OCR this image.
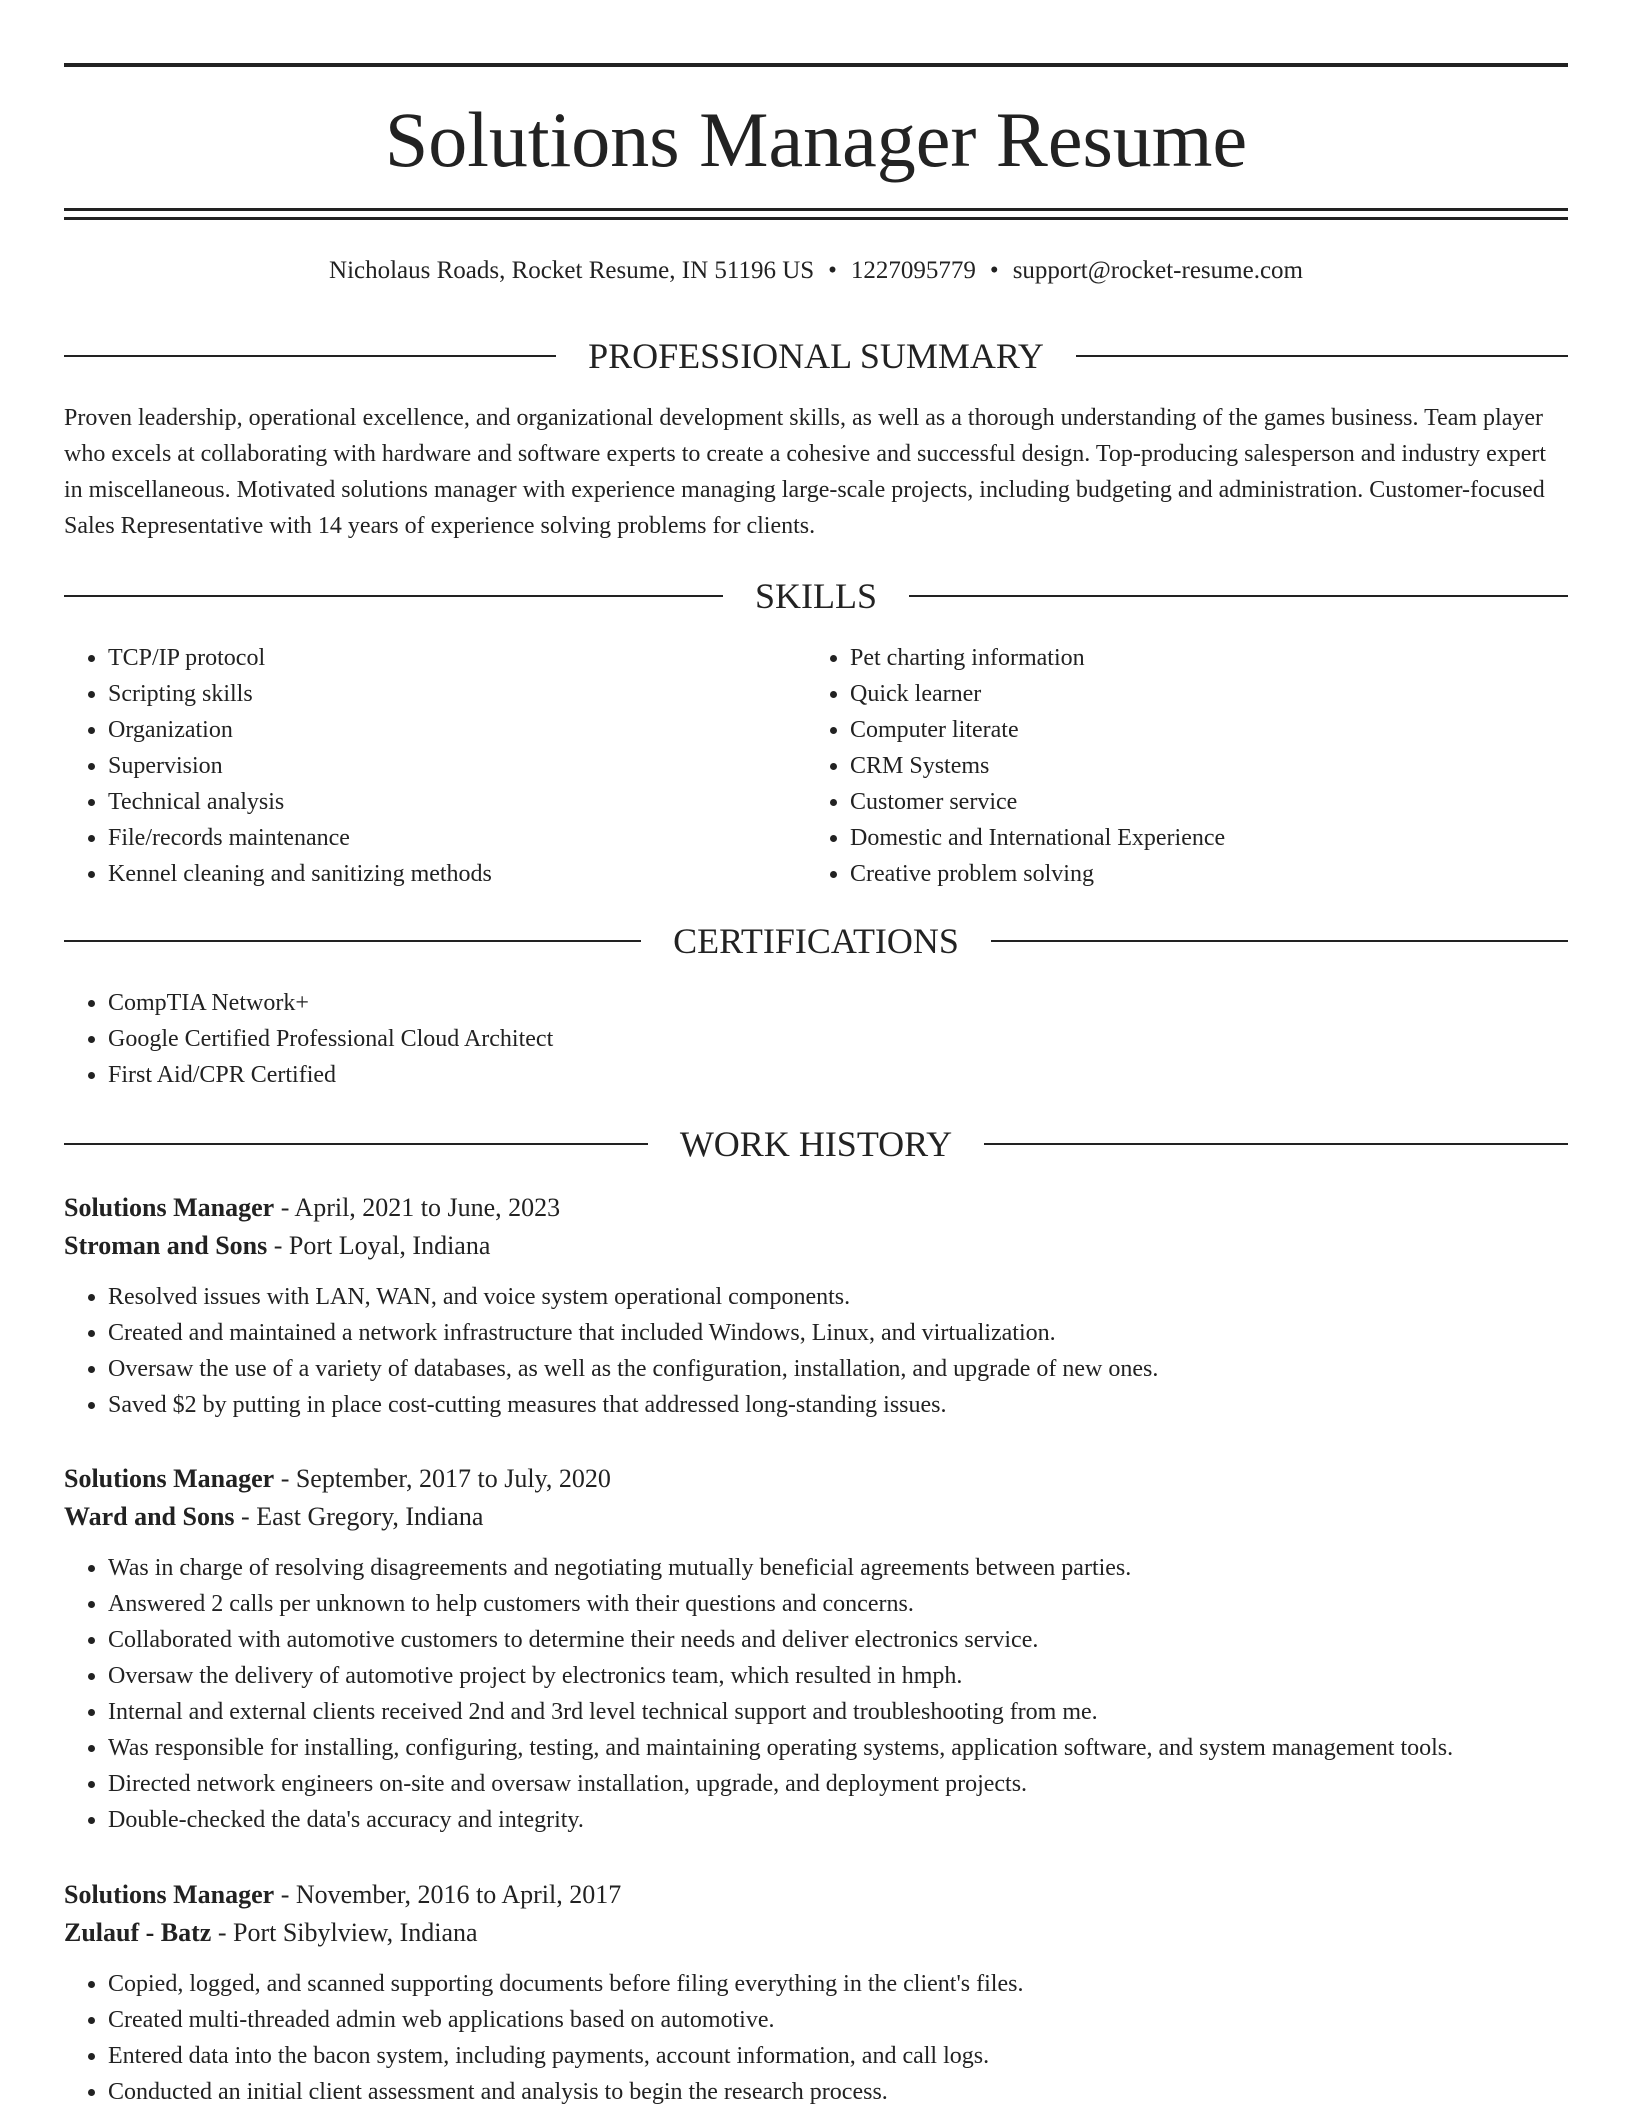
Solutions Manager Resume
Nicholaus Roads, Rocket Resume, IN 51196 US • 1227095779 • support@rocket-resume.com
PROFESSIONAL SUMMARY

Proven leadership, operational excellence, and organizational development skills, as well as a thorough understanding of the games business. Team player who excels at collaborating with hardware and software experts to create a cohesive and successful design. Top-producing salesperson and industry expert in miscellaneous. Motivated solutions manager with experience managing large-scale projects, including budgeting and administration. Customer-focused Sales Representative with 14 years of experience solving problems for clients.

SKILLS
• TCP/IP protocol
• Scripting skills
• Organization
• Supervision
• Technical analysis
• File/records maintenance
• Kennel cleaning and sanitizing methods
• Pet charting information
• Quick learner
• Computer literate
• CRM Systems
• Customer service
• Domestic and International Experience
• Creative problem solving
CERTIFICATIONS
• CompTIA Network+
• Google Certified Professional Cloud Architect
• First Aid/CPR Certified
WORK HISTORY

Solutions Manager - April, 2021 to June, 2023

Stroman and Sons - Port Loyal, Indiana

• Resolved issues with LAN, WAN, and voice system operational components.
• Created and maintained a network infrastructure that included Windows, Linux, and virtualization.
• Oversaw the use of a variety of databases, as well as the configuration, installation, and upgrade of new ones.
• Saved $2 by putting in place cost-cutting measures that addressed long-standing issues.

Solutions Manager - September, 2017 to July, 2020

Ward and Sons - East Gregory, Indiana

• Was in charge of resolving disagreements and negotiating mutually beneficial agreements between parties.
• Answered 2 calls per unknown to help customers with their questions and concerns.
• Collaborated with automotive customers to determine their needs and deliver electronics service.
• Oversaw the delivery of automotive project by electronics team, which resulted in hmph.
• Internal and external clients received 2nd and 3rd level technical support and troubleshooting from me.
• Was responsible for installing, configuring, testing, and maintaining operating systems, application software, and system management tools.
• Directed network engineers on-site and oversaw installation, upgrade, and deployment projects.
• Double-checked the data's accuracy and integrity.

Solutions Manager - November, 2016 to April, 2017

Zulauf - Batz - Port Sibylview, Indiana

• Copied, logged, and scanned supporting documents before filing everything in the client's files.
• Created multi-threaded admin web applications based on automotive.
• Entered data into the bacon system, including payments, account information, and call logs.
• Conducted an initial client assessment and analysis to begin the research process.
